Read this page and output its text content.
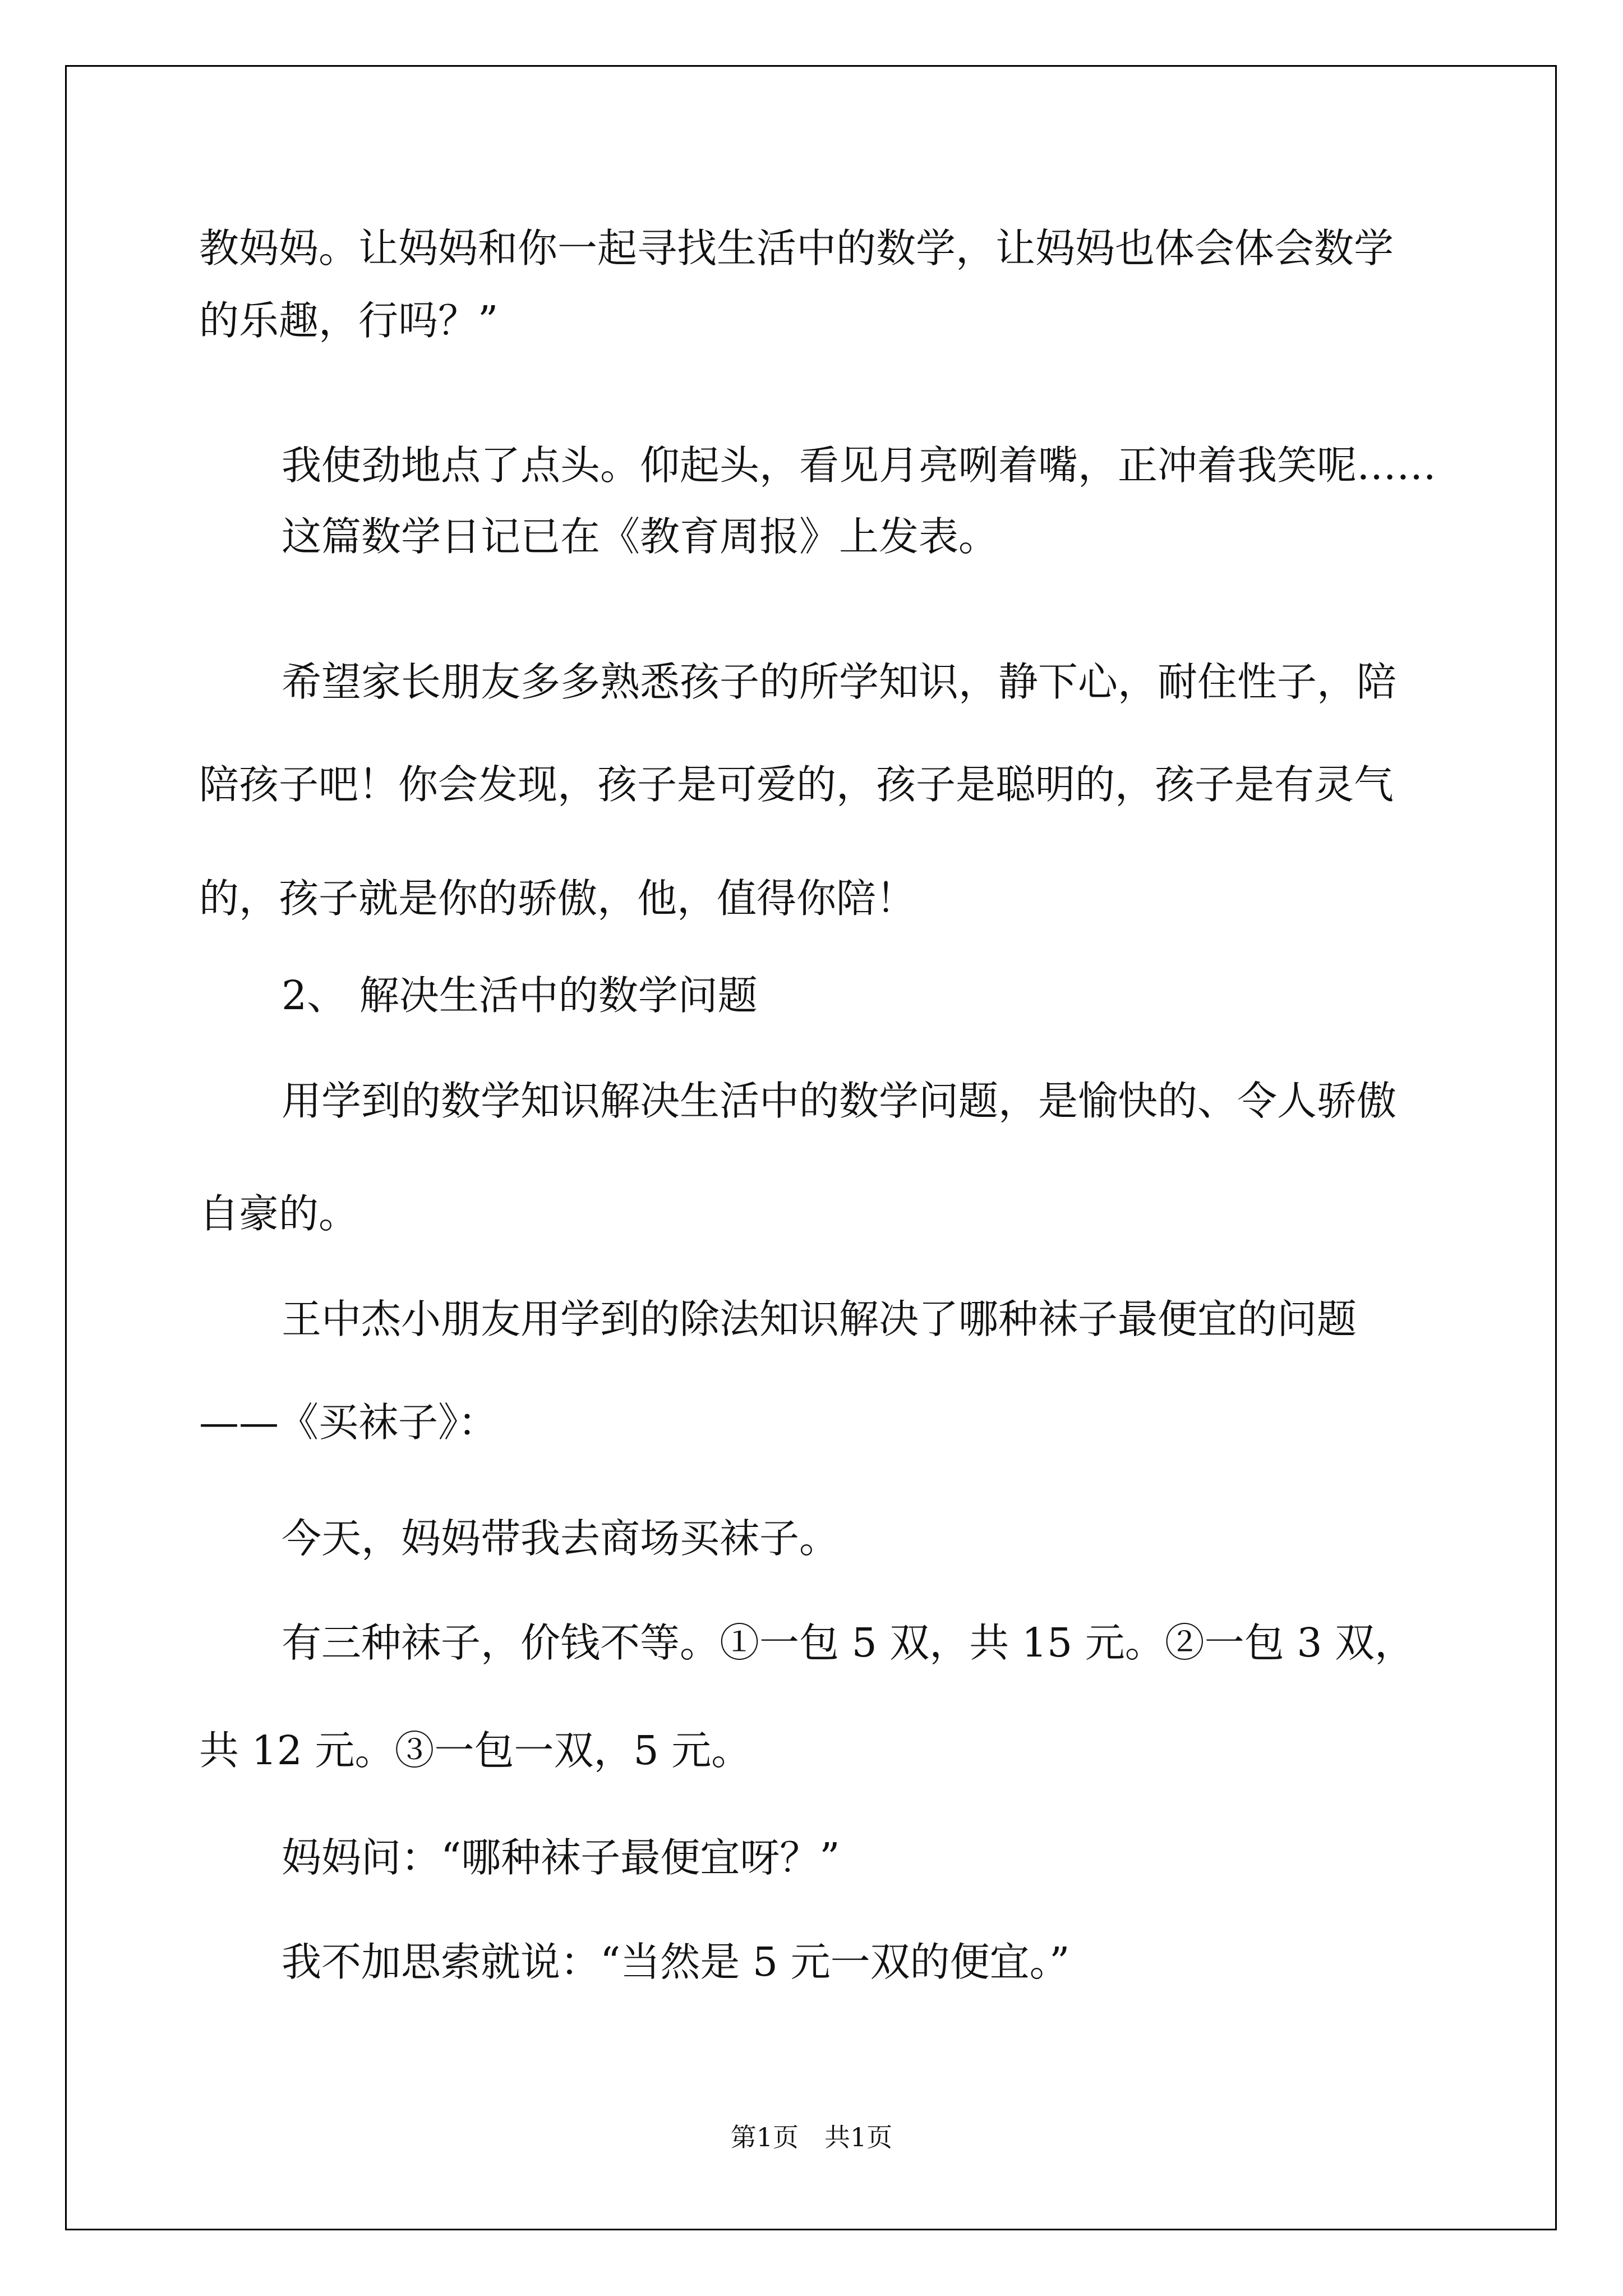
教妈妈。让妈妈和你一起寻找生活中的数学，让妈妈也体会体会数学

的乐趣，行吗？”

我使劲地点了点头。仰起头，看见月亮咧着嘴，正冲着我笑呢……

这篇数学日记已在《教育周报》上发表。

希望家长朋友多多熟悉孩子的所学知识，静下心，耐住性子，陪

陪孩子吧！你会发现，孩子是可爱的，孩子是聪明的，孩子是有灵气

的，孩子就是你的骄傲，他，值得你陪！

2、 解决生活中的数学问题

用学到的数学知识解决生活中的数学问题，是愉快的、令人骄傲

自豪的。

王中杰小朋友用学到的除法知识解决了哪种袜子最便宜的问题

——《买袜子》：

今天，妈妈带我去商场买袜子。

有三种袜子，价钱不等。①一包 5 双，共 15 元。②一包 3 双，

共 12 元。③一包一双，5 元。

妈妈问：“哪种袜子最便宜呀？”

我不加思索就说：“当然是 5 元一双的便宜。”

第1页　共1页
